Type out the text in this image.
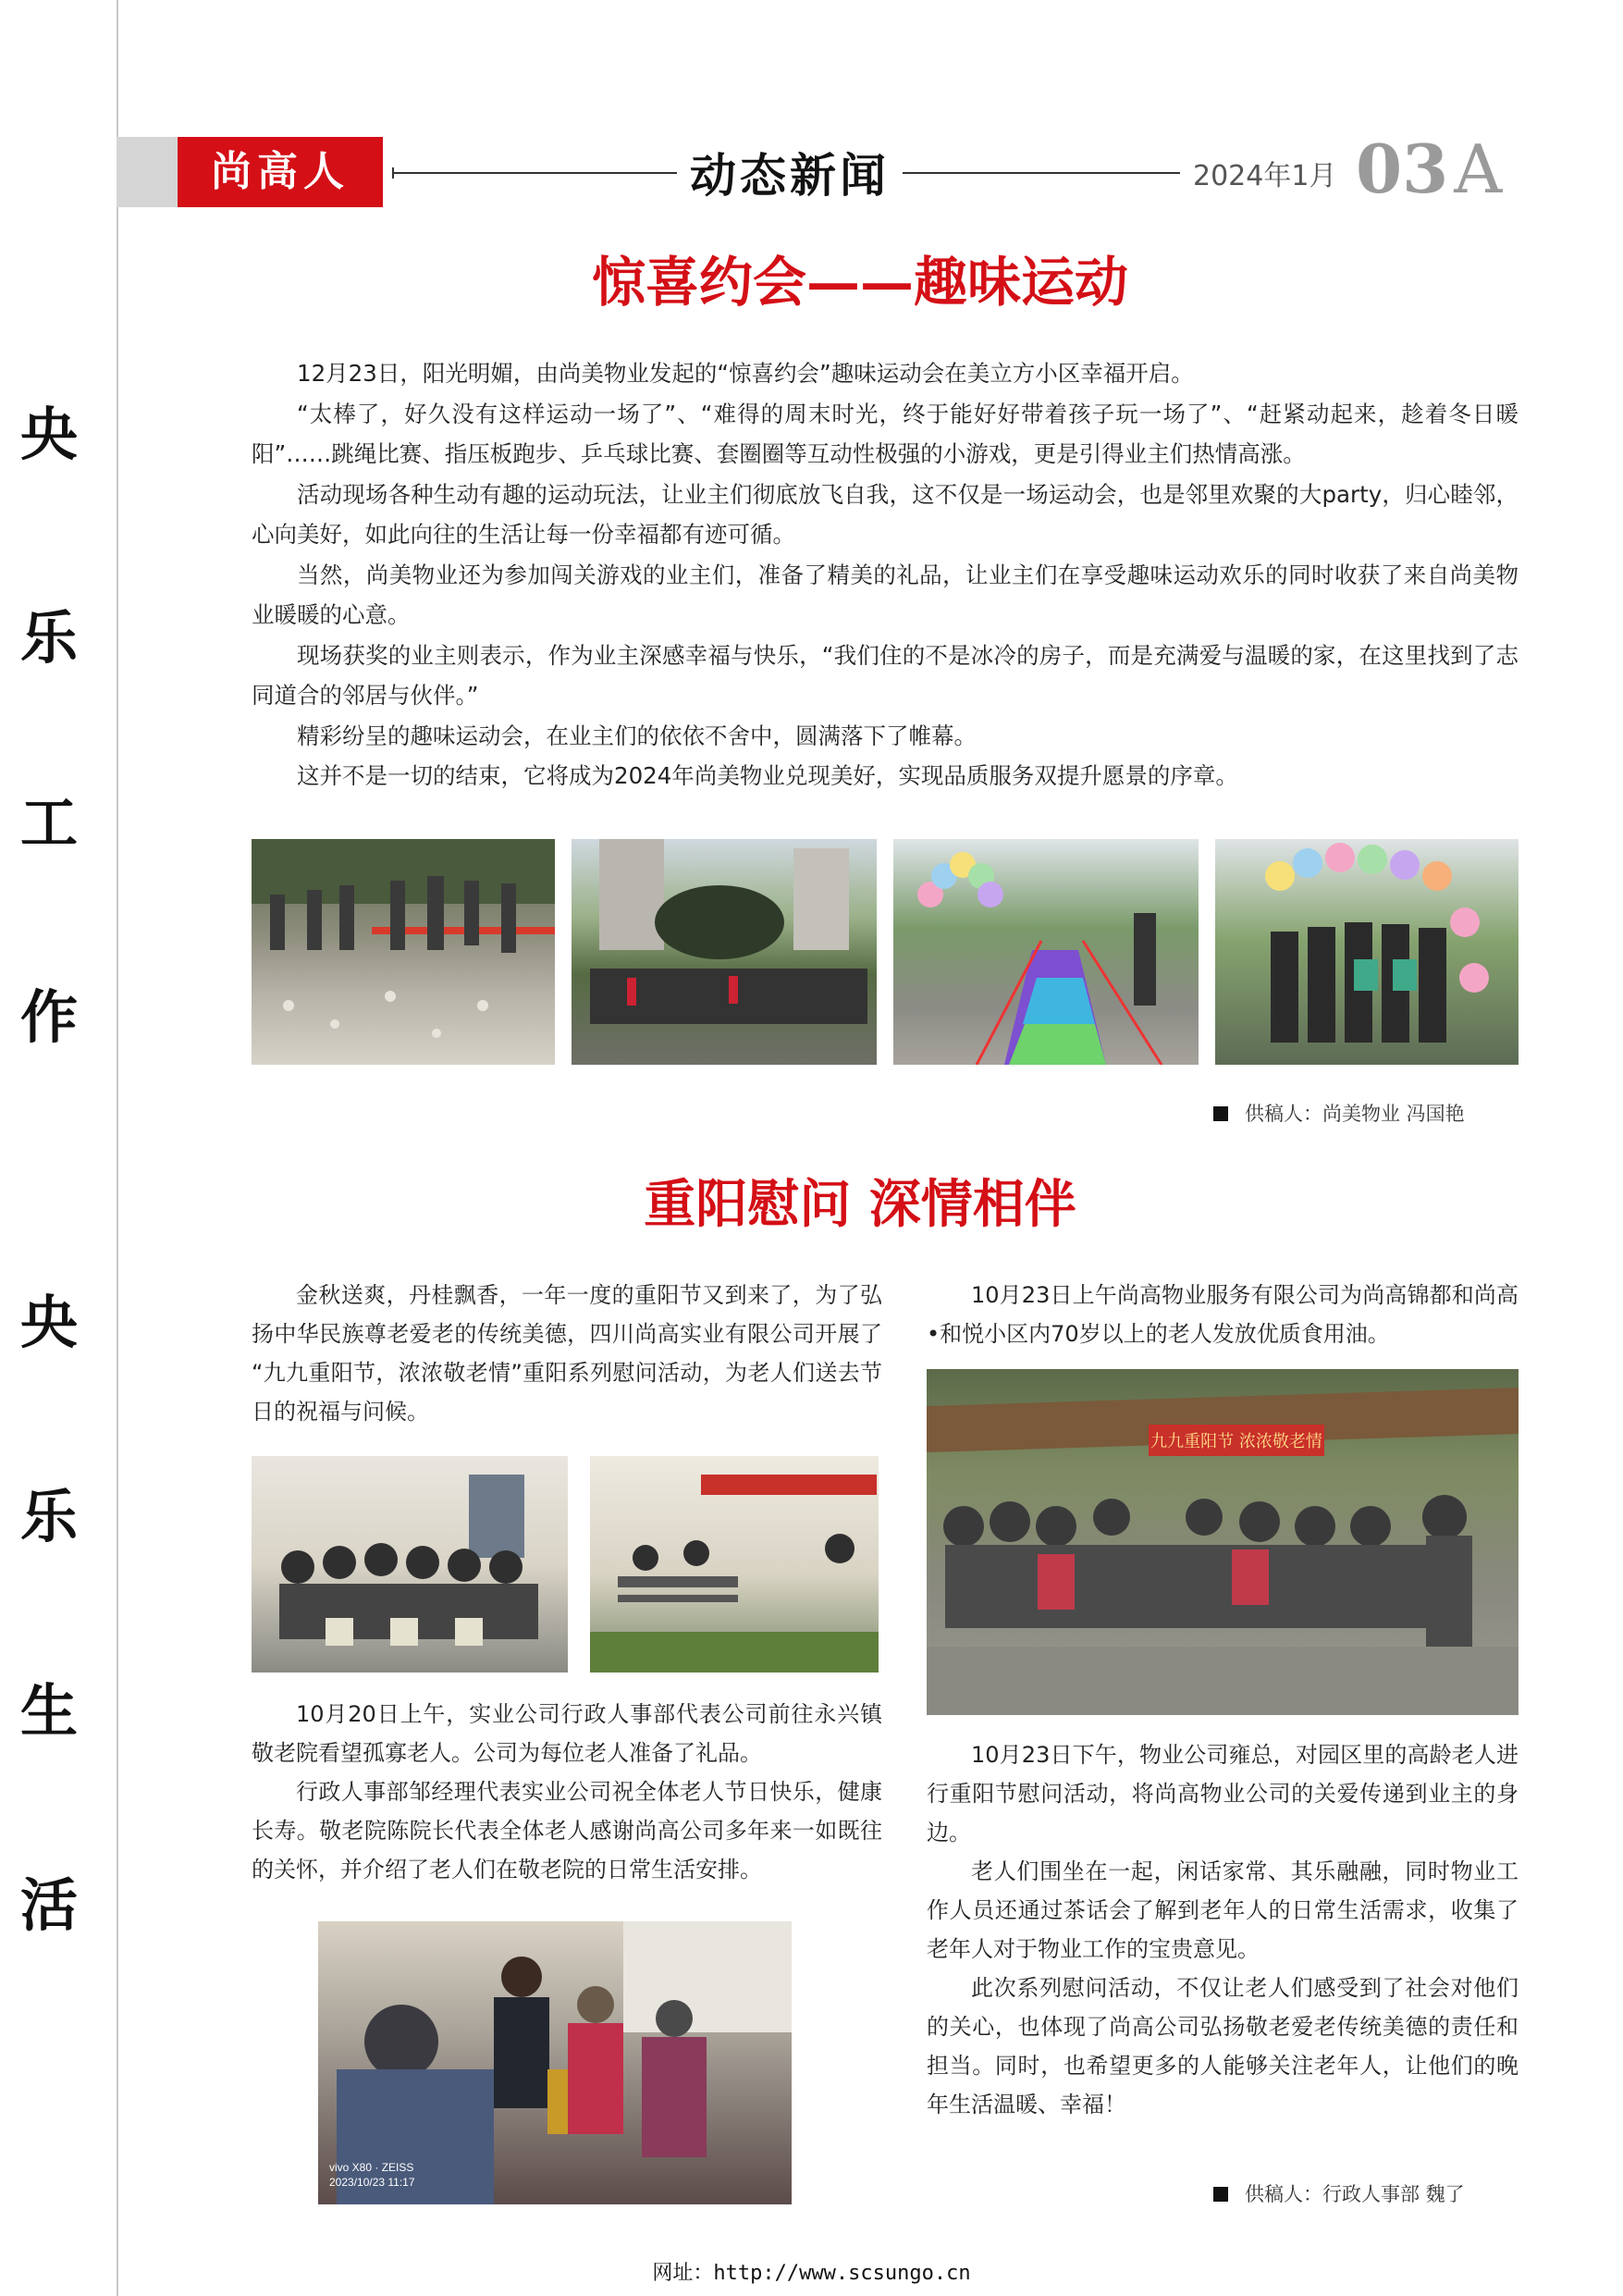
央
乐
工
作
央
乐
生
活
尚高人	动态新闻	2024年1月 03A
惊喜约会——趣味运动

12月23日，阳光明媚，由尚美物业发起的“惊喜约会”趣味运动会在美立方小区幸福开启。

“太棒了，好久没有这样运动一场了”、“难得的周末时光，终于能好好带着孩子玩一场了”、“赶紧动起来，趁着冬日暖阳”……跳绳比赛、指压板跑步、乒乓球比赛、套圈圈等互动性极强的小游戏，更是引得业主们热情高涨。

活动现场各种生动有趣的运动玩法，让业主们彻底放飞自我，这不仅是一场运动会，也是邻里欢聚的大party，归心睦邻，心向美好，如此向往的生活让每一份幸福都有迹可循。

当然，尚美物业还为参加闯关游戏的业主们，准备了精美的礼品，让业主们在享受趣味运动欢乐的同时收获了来自尚美物业暖暖的心意。

现场获奖的业主则表示，作为业主深感幸福与快乐，“我们住的不是冰冷的房子，而是充满爱与温暖的家，在这里找到了志同道合的邻居与伙伴。”

精彩纷呈的趣味运动会，在业主们的依依不舍中，圆满落下了帷幕。

这并不是一切的结束，它将成为2024年尚美物业兑现美好，实现品质服务双提升愿景的序章。

供稿人：尚美物业 冯国艳
重阳慰问 深情相伴

金秋送爽，丹桂飘香，一年一度的重阳节又到来了，为了弘扬中华民族尊老爱老的传统美德，四川尚高实业有限公司开展了 “九九重阳节，浓浓敬老情”重阳系列慰问活动，为老人们送去节日的祝福与问候。

10月20日上午，实业公司行政人事部代表公司前往永兴镇敬老院看望孤寡老人。公司为每位老人准备了礼品。

行政人事部邹经理代表实业公司祝全体老人节日快乐，健康长寿。敬老院陈院长代表全体老人感谢尚高公司多年来一如既往的关怀，并介绍了老人们在敬老院的日常生活安排。

vivo X80 · ZEISS
2023/10/23 11:17

10月23日上午尚高物业服务有限公司为尚高锦都和尚高•和悦小区内70岁以上的老人发放优质食用油。

九九重阳节 浓浓敬老情

10月23日下午，物业公司雍总，对园区里的高龄老人进行重阳节慰问活动，将尚高物业公司的关爱传递到业主的身边。

老人们围坐在一起，闲话家常、其乐融融，同时物业工作人员还通过茶话会了解到老年人的日常生活需求，收集了老年人对于物业工作的宝贵意见。

此次系列慰问活动，不仅让老人们感受到了社会对他们的关心，也体现了尚高公司弘扬敬老爱老传统美德的责任和担当。同时，也希望更多的人能够关注老年人，让他们的晚年生活温暖、幸福！

供稿人：行政人事部 魏了
网址：http://www.scsungo.cn
